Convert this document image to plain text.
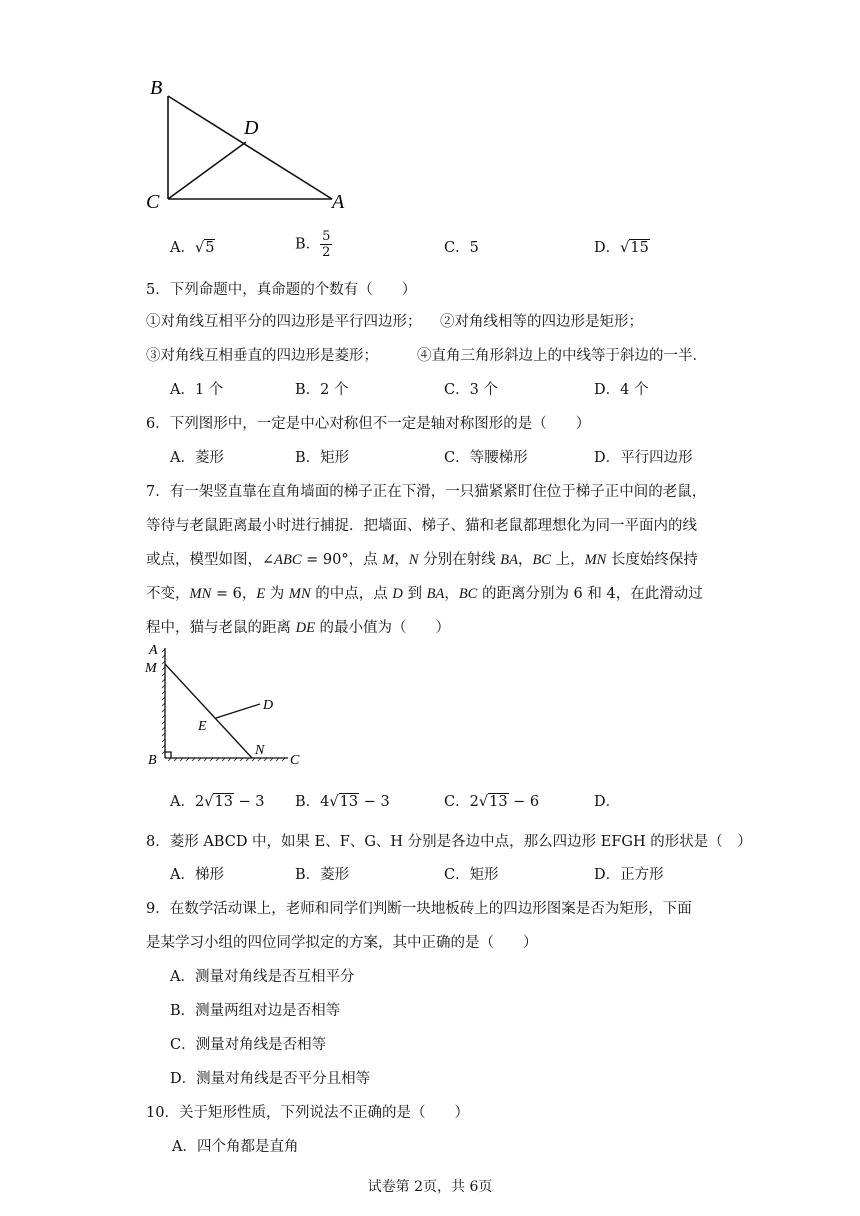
B
D
C	A
A．√5	B． $\frac{5}{2}$	C．5	D．√15
5．下列命题中，真命题的个数有（　　）
①对角线互相平分的四边形是平行四边形； ②对角线相等的四边形是矩形；
③对角线互相垂直的四边形是菱形；	④直角三角形斜边上的中线等于斜边的一半．
A．1 个	B．2 个	C．3 个	D．4 个
6．下列图形中，一定是中心对称但不一定是轴对称图形的是（　　）
A．菱形	B．矩形	C．等腰梯形	D．平行四边形
7．有一架竖直靠在直角墙面的梯子正在下滑，一只猫紧紧盯住位于梯子正中间的老鼠，
等待与老鼠距离最小时进行捕捉．把墙面、梯子、猫和老鼠都理想化为同一平面内的线
或点，模型如图，∠ABC = 90°，点 M，N 分别在射线 BA，BC 上，MN 长度始终保持
不变，MN = 6，E 为 MN 的中点，点 D 到 BA，BC 的距离分别为 6 和 4，在此滑动过
程中，猫与老鼠的距离 DE 的最小值为（　　）
A
M
D
E
B
N
C
A．2√13 − 3 B．4√13 − 3	C．2√13 − 6	D．
8．菱形 ABCD 中，如果 E、F、G、H 分别是各边中点，那么四边形 EFGH 的形状是（　）
A．梯形	B．菱形	C．矩形	D．正方形
9．在数学活动课上，老师和同学们判断一块地板砖上的四边形图案是否为矩形，下面
是某学习小组的四位同学拟定的方案，其中正确的是（　　）
A．测量对角线是否互相平分
B．测量两组对边是否相等
C．测量对角线是否相等
D．测量对角线是否平分且相等
10．关于矩形性质，下列说法不正确的是（　　）
A．四个角都是直角
试卷第 2页，共 6页
